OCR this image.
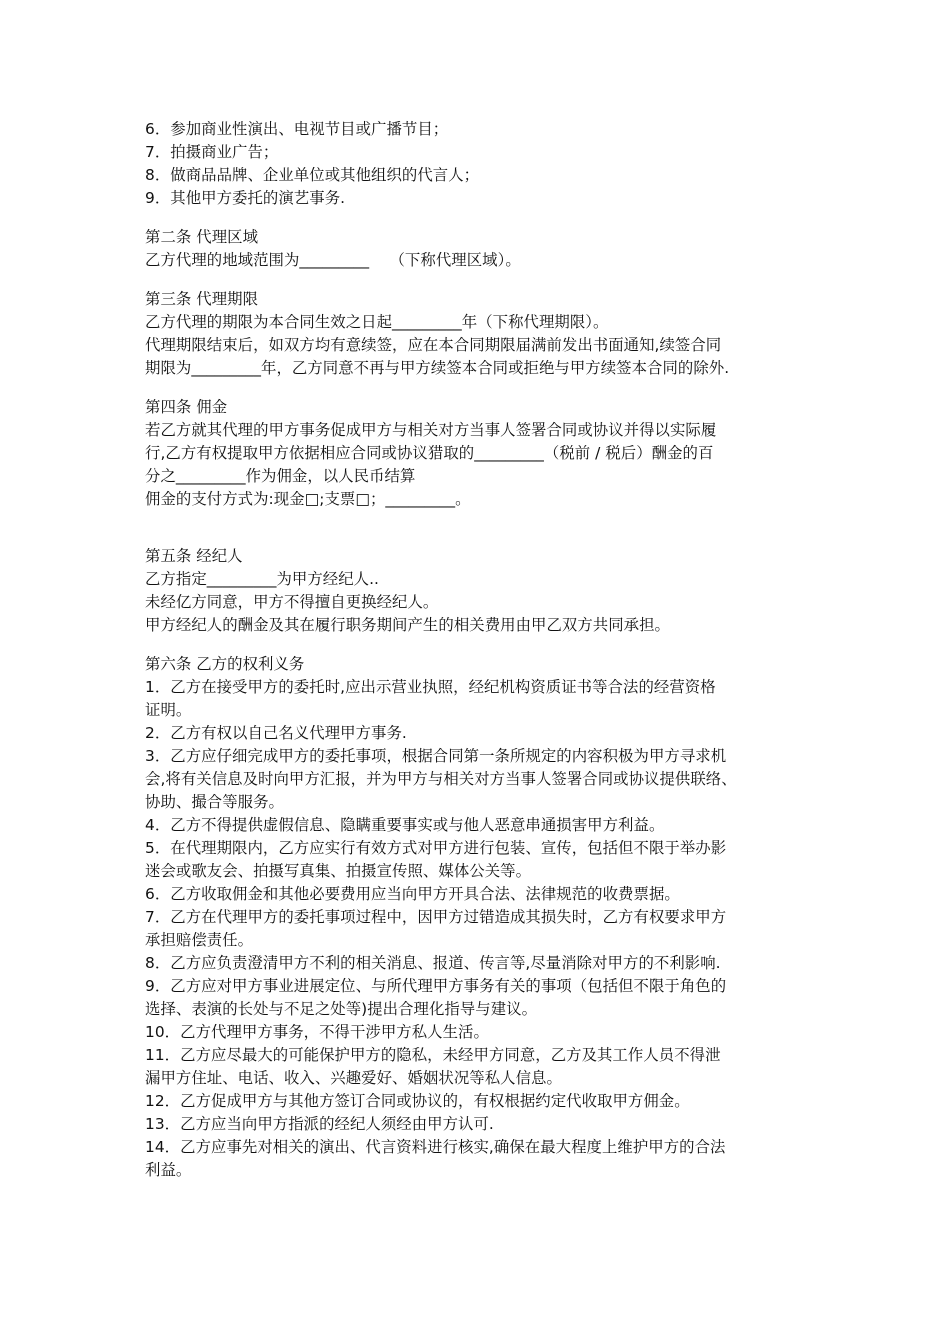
6．参加商业性演出、电视节目或广播节目；

7．拍摄商业广告；

8．做商品品牌、企业单位或其他组织的代言人；

9．其他甲方委托的演艺事务.

第二条 代理区域

乙方代理的地域范围为_________　 （下称代理区域）。

第三条 代理期限

乙方代理的期限为本合同生效之日起_________年（下称代理期限）。

代理期限结束后，如双方均有意续签，应在本合同期限届满前发出书面通知,续签合同

期限为_________年，乙方同意不再与甲方续签本合同或拒绝与甲方续签本合同的除外.

第四条 佣金

若乙方就其代理的甲方事务促成甲方与相关对方当事人签署合同或协议并得以实际履

行,乙方有权提取甲方依据相应合同或协议猎取的_________（税前 / 税后）酬金的百

分之_________作为佣金，以人民币结算

佣金的支付方式为:现金□;支票□；_________。

第五条 经纪人

乙方指定_________为甲方经纪人..

未经亿方同意，甲方不得擅自更换经纪人。

甲方经纪人的酬金及其在履行职务期间产生的相关费用由甲乙双方共同承担。

第六条 乙方的权利义务

1．乙方在接受甲方的委托时,应出示营业执照，经纪机构资质证书等合法的经营资格

证明。

2．乙方有权以自己名义代理甲方事务.

3．乙方应仔细完成甲方的委托事项，根据合同第一条所规定的内容积极为甲方寻求机

会,将有关信息及时向甲方汇报，并为甲方与相关对方当事人签署合同或协议提供联络、

协助、撮合等服务。

4．乙方不得提供虚假信息、隐瞒重要事实或与他人恶意串通损害甲方利益。

5．在代理期限内，乙方应实行有效方式对甲方进行包装、宣传，包括但不限于举办影

迷会或歌友会、拍摄写真集、拍摄宣传照、媒体公关等。

6．乙方收取佣金和其他必要费用应当向甲方开具合法、法律规范的收费票据。

7．乙方在代理甲方的委托事项过程中，因甲方过错造成其损失时，乙方有权要求甲方

承担赔偿责任。

8．乙方应负责澄清甲方不利的相关消息、报道、传言等,尽量消除对甲方的不利影响.

9．乙方应对甲方事业进展定位、与所代理甲方事务有关的事项（包括但不限于角色的

选择、表演的长处与不足之处等)提出合理化指导与建议。

10．乙方代理甲方事务，不得干涉甲方私人生活。

11．乙方应尽最大的可能保护甲方的隐私，未经甲方同意，乙方及其工作人员不得泄

漏甲方住址、电话、收入、兴趣爱好、婚姻状况等私人信息。

12．乙方促成甲方与其他方签订合同或协议的，有权根据约定代收取甲方佣金。

13．乙方应当向甲方指派的经纪人须经由甲方认可.

14．乙方应事先对相关的演出、代言资料进行核实,确保在最大程度上维护甲方的合法

利益。
